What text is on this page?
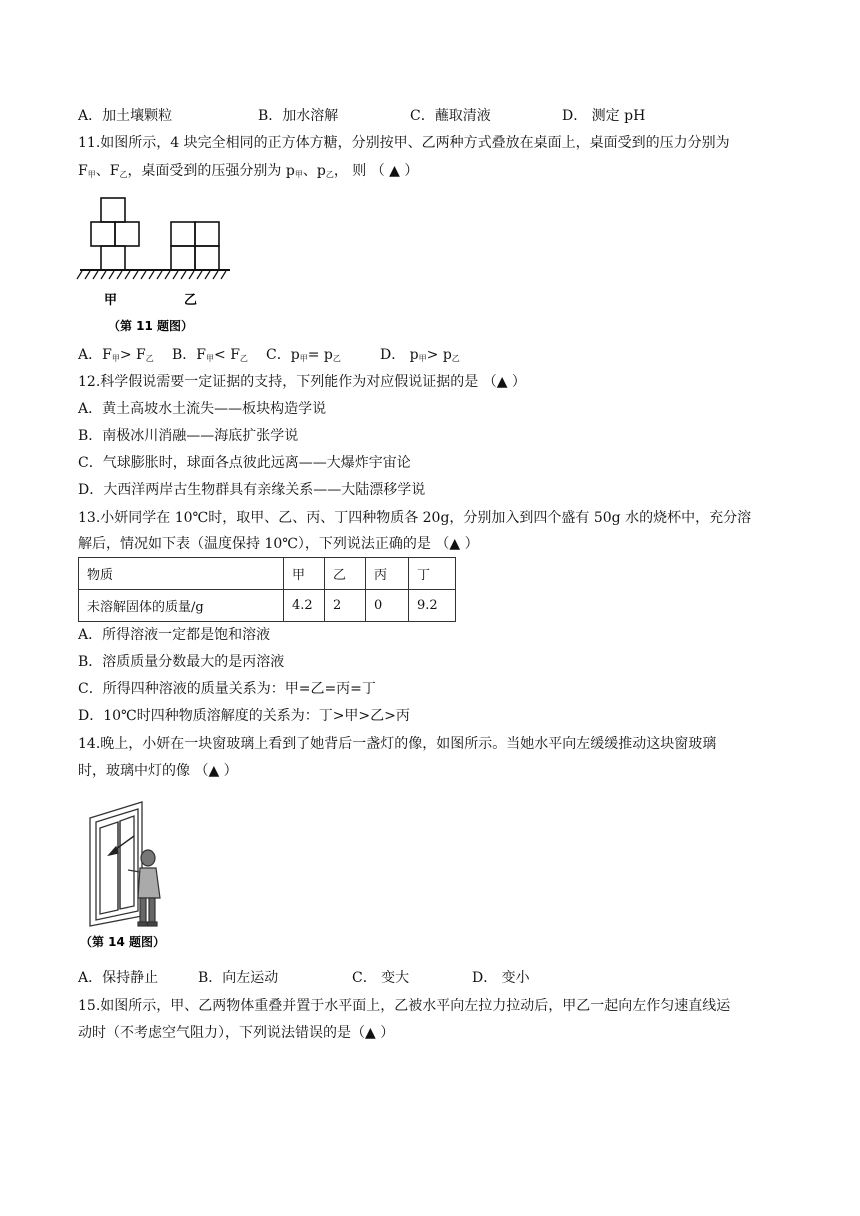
A．加土壤颗粒	B．加水溶解	C．蘸取清液	D． 测定 pH
11.如图所示，4 块完全相同的正方体方糖，分别按甲、乙两种方式叠放在桌面上，桌面受到的压力分别为
$F_甲$、$F_乙$，桌面受到的压强分别为 $p_甲$、$p_乙$， 则 （ ▲ ）
甲	乙
（第 11 题图）
A．$F_甲> F_乙$ B．$F_甲< F_乙$ C．$p_甲= p_乙$	D． $p_甲> p_乙$
12.科学假说需要一定证据的支持，下列能作为对应假说证据的是 （▲ ）
A．黄土高坡水土流失——板块构造学说
B．南极冰川消融——海底扩张学说
C．气球膨胀时，球面各点彼此远离——大爆炸宇宙论
D．大西洋两岸古生物群具有亲缘关系——大陆漂移学说
13.小妍同学在 10℃时，取甲、乙、丙、丁四种物质各 20g，分别加入到四个盛有 50g 水的烧杯中，充分溶
解后，情况如下表（温度保持 10℃），下列说法正确的是 （▲ ）
物质	甲	乙	丙	丁
未溶解固体的质量/g	4.2	2	0	9.2
A．所得溶液一定都是饱和溶液
B．溶质质量分数最大的是丙溶液
C．所得四种溶液的质量关系为：甲=乙=丙=丁
D．10℃时四种物质溶解度的关系为：丁>甲>乙>丙
14.晚上，小妍在一块窗玻璃上看到了她背后一盏灯的像，如图所示。当她水平向左缓缓推动这块窗玻璃
时，玻璃中灯的像 （▲ ）
（第 14 题图）
A．保持静止	B．向左运动	C． 变大	D． 变小
15.如图所示，甲、乙两物体重叠并置于水平面上，乙被水平向左拉力拉动后，甲乙一起向左作匀速直线运
动时（不考虑空气阻力），下列说法错误的是（▲ ）
